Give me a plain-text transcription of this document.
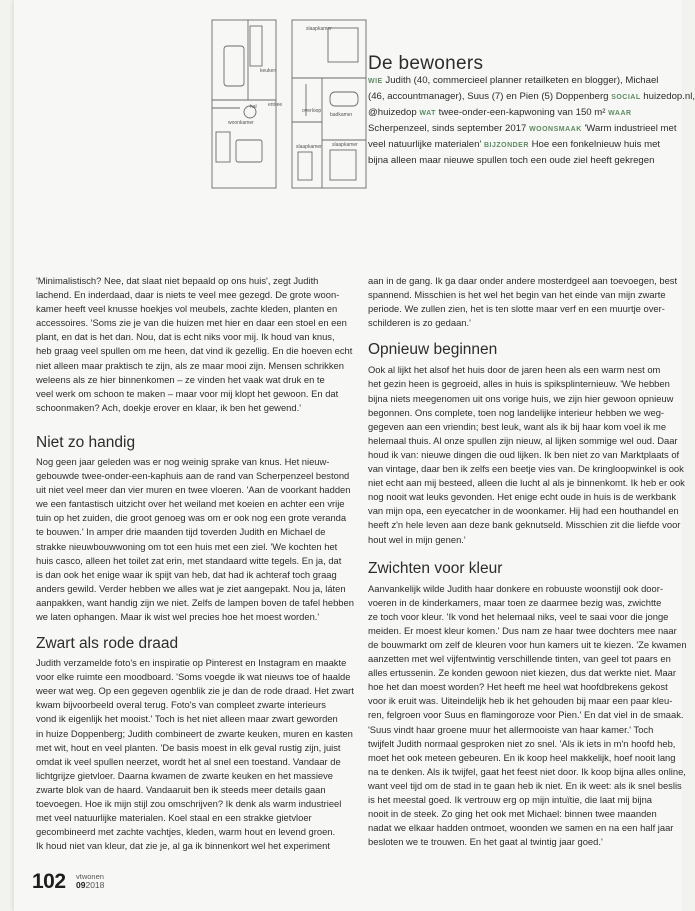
slaapkamer
keuken
hal entree
woonkamer
overloop
badkamer
slaapkamer
slaapkamer
De bewoners
WIE Judith (40, commercieel planner retailketen en blogger), Michael
(46, accountmanager), Suus (7) en Pien (5) Doppenberg SOCIAL huizedop.nl,
@huizedop WAT twee-onder-een-kapwoning van 150 m² WAAR
Scherpenzeel, sinds september 2017 WOONSMAAK 'Warm industrieel met
veel natuurlijke materialen' BIJZONDER Hoe een fonkelnieuw huis met
bijna alleen maar nieuwe spullen toch een oude ziel heeft gekregen
'Minimalistisch? Nee, dat slaat niet bepaald op ons huis', zegt Judith
lachend. En inderdaad, daar is niets te veel mee gezegd. De grote woon-
kamer heeft veel knusse hoekjes vol meubels, zachte kleden, planten en
accessoires. 'Soms zie je van die huizen met hier en daar een stoel en een
plant, en dat is het dan. Nou, dat is echt niks voor mij. Ik houd van knus,
heb graag veel spullen om me heen, dat vind ik gezellig. En die hoeven echt
niet alleen maar praktisch te zijn, als ze maar mooi zijn. Mensen schrikken
weleens als ze hier binnenkomen – ze vinden het vaak wat druk en te
veel werk om schoon te maken – maar voor mij klopt het gewoon. En dat
schoonmaken? Ach, doekje erover en klaar, ik ben het gewend.'
Niet zo handig
Nog geen jaar geleden was er nog weinig sprake van knus. Het nieuw-
gebouwde twee-onder-een-kaphuis aan de rand van Scherpenzeel bestond
uit niet veel meer dan vier muren en twee vloeren. 'Aan de voorkant hadden
we een fantastisch uitzicht over het weiland met koeien en achter een vrije
tuin op het zuiden, die groot genoeg was om er ook nog een grote veranda
te bouwen.' In amper drie maanden tijd toverden Judith en Michael de
strakke nieuwbouwwoning om tot een huis met een ziel. 'We kochten het
huis casco, alleen het toilet zat erin, met standaard witte tegels. En ja, dat
is dan ook het enige waar ik spijt van heb, dat had ik achteraf toch graag
anders gewild. Verder hebben we alles wat je ziet aangepakt. Nou ja, láten
aanpakken, want handig zijn we niet. Zelfs de lampen boven de tafel hebben
we laten ophangen. Maar ik wist wel precies hoe het moest worden.'
Zwart als rode draad
Judith verzamelde foto's en inspiratie op Pinterest en Instagram en maakte
voor elke ruimte een moodboard. 'Soms voegde ik wat nieuws toe of haalde
weer wat weg. Op een gegeven ogenblik zie je dan de rode draad. Het zwart
kwam bijvoorbeeld overal terug. Foto's van compleet zwarte interieurs
vond ik eigenlijk het mooist.' Toch is het niet alleen maar zwart geworden
in huize Doppenberg; Judith combineert de zwarte keuken, muren en kasten
met wit, hout en veel planten. 'De basis moest in elk geval rustig zijn, juist
omdat ik veel spullen neerzet, wordt het al snel een toestand. Vandaar de
lichtgrijze gietvloer. Daarna kwamen de zwarte keuken en het massieve
zwarte blok van de haard. Vandaaruit ben ik steeds meer details gaan
toevoegen. Hoe ik mijn stijl zou omschrijven? Ik denk als warm industrieel
met veel natuurlijke materialen. Koel staal en een strakke gietvloer
gecombineerd met zachte vachtjes, kleden, warm hout en levend groen.
Ik houd niet van kleur, dat zie je, al ga ik binnenkort wel het experiment
aan in de gang. Ik ga daar onder andere mosterdgeel aan toevoegen, best
spannend. Misschien is het wel het begin van het einde van mijn zwarte
periode. We zullen zien, het is ten slotte maar verf en een muurtje over-
schilderen is zo gedaan.'
Opnieuw beginnen
Ook al lijkt het alsof het huis door de jaren heen als een warm nest om
het gezin heen is gegroeid, alles in huis is spiksplinternieuw. 'We hebben
bijna niets meegenomen uit ons vorige huis, we zijn hier gewoon opnieuw
begonnen. Ons complete, toen nog landelijke interieur hebben we weg-
gegeven aan een vriendin; best leuk, want als ik bij haar kom voel ik me
helemaal thuis. Al onze spullen zijn nieuw, al lijken sommige wel oud. Daar
houd ik van: nieuwe dingen die oud lijken. Ik ben niet zo van Marktplaats of
van vintage, daar ben ik zelfs een beetje vies van. De kringloopwinkel is ook
niet echt aan mij besteed, alleen die lucht al als je binnenkomt. Ik heb er ook
nog nooit wat leuks gevonden. Het enige echt oude in huis is de werkbank
van mijn opa, een eyecatcher in de woonkamer. Hij had een houthandel en
heeft z'n hele leven aan deze bank geknutseld. Misschien zit die liefde voor
hout wel in mijn genen.'
Zwichten voor kleur
Aanvankelijk wilde Judith haar donkere en robuuste woonstijl ook door-
voeren in de kinderkamers, maar toen ze daarmee bezig was, zwichtte
ze toch voor kleur. 'Ik vond het helemaal niks, veel te saai voor die jonge
meiden. Er moest kleur komen.' Dus nam ze haar twee dochters mee naar
de bouwmarkt om zelf de kleuren voor hun kamers uit te kiezen. 'Ze kwamen
aanzetten met wel vijfentwintig verschillende tinten, van geel tot paars en
alles ertussenin. Ze konden gewoon niet kiezen, dus dat werkte niet. Maar
hoe het dan moest worden? Het heeft me heel wat hoofdbrekens gekost
voor ik eruit was. Uiteindelijk heb ik het gehouden bij maar een paar kleu-
ren, felgroen voor Suus en flamingoroze voor Pien.' En dat viel in de smaak.
'Suus vindt haar groene muur het allermooiste van haar kamer.' Toch
twijfelt Judith normaal gesproken niet zo snel. 'Als ik iets in m'n hoofd heb,
moet het ook meteen gebeuren. En ik koop heel makkelijk, hoef nooit lang
na te denken. Als ik twijfel, gaat het feest niet door. Ik koop bijna alles online,
want veel tijd om de stad in te gaan heb ik niet. En ik weet: als ik snel beslis
is het meestal goed. Ik vertrouw erg op mijn intuïtie, die laat mij bijna
nooit in de steek. Zo ging het ook met Michael: binnen twee maanden
nadat we elkaar hadden ontmoet, woonden we samen en na een half jaar
besloten we te trouwen. En het gaat al twintig jaar goed.'
102 vtwonen
092018
